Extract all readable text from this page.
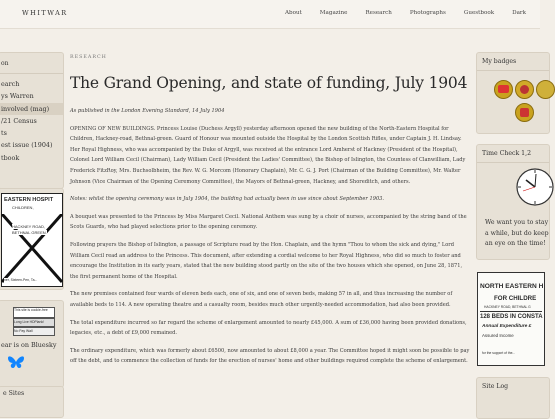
WHITWAR	About	Magazine	Research	Photographs	Guestbook	Dark
on
earch
ys Warren
involved (mag)
/21 Census
ts
est issue (1904)
tbook
EASTERN HOSPIT
CHILDREN,
HACKNEY ROAD,
BETHNAL GREEN.
ner, Sixteen-Pen, Ta...
This site is cookie-free
Long Live HDPlank!
No Pay Wall
ear is on Bluesky
e Sites
RESEARCH
The Grand Opening, and state of funding, July 1904
As published in the London Evening Standard, 14 July 1904
OPENING OF NEW BUILDINGS. Princess Louise (Duchess Argyll) yesterday afternoon opened the new building of the North-Eastern Hospital for Children, Hackney-road, Bethnal-green. Guard of Honour was mounted outside the Hospital by the London Scottish Rifles, under Captain J. H. Lindsay. Her Royal Highness, who was accompanied by the Duke of Argyll, was received at the entrance Lord Amherst of Hackney (President of the Hospital), Colonel Lord William Cecil (Chairman), Lady William Cecil (President the Ladies' Committee), the Bishop of Islington, the Countess of Clanwilliam, Lady Frederick FitzRoy, Mrs. Buchsolbheim, the Rev. W. G. Morcom (Honorary Chaplain), Mr. C. G. J. Port (Chairman of the Building Committee), Mr. Walter Johnson (Vice Chairman of the Opening Ceremony Committee), the Mayors of Bethnal-green, Hackney, and Shoreditch, and others.
Notes: whilst the opening ceremony was in July 1904, the building had actually been in use since about September 1903.
A bouquet was presented to the Princess by Miss Margaret Cecil. National Anthem was sung by a choir of nurses, accompanied by the string band of the Scots Guards, who had played selections prior to the opening ceremony.
Following prayers the Bishop of Islington, a passage of Scripture read by the Hon. Chaplain, and the hymn "Thou to whom the sick and dying," Lord William Cecil read an address to the Princess. This document, after extending a cordial welcome to her Royal Highness, who did so much to foster and encourage the Institution in its early years, stated that the new building stood partly on the site of the two houses which she opened, on June 28, 1871, the first permanent home of the Hospital.
The new premises contained four wards of eleven beds each, one of six, and one of seven beds, making 57 in all, and thus increasing the number of available beds to 114. A new operating theatre and a casualty room, besides much other urgently-needed accommodation, had also been provided.
The total expenditure incurred so far regard the scheme of enlargement amounted to nearly £45,000. A sum of £36,000 having been provided donations, legacies, etc., a debt of £9,000 remained.
The ordinary expenditure, which was formerly about £6500, now amounted to about £8,000 a year. The Committee hoped it might soon be possible to pay off the debt, and to commence the collection of funds for the erection of nurses' home and other buildings required complete the scheme of enlargement.
My badges
Time Check 1,2
We want you to stay a while, but do keep an eye on the time!
NORTH EASTERN H
FOR CHILDRE
HACKNEY ROAD, BETHNAL G
128 BEDS IN CONSTA
Annual Expenditure £
Assured Income
for the support of the...
Site Log
